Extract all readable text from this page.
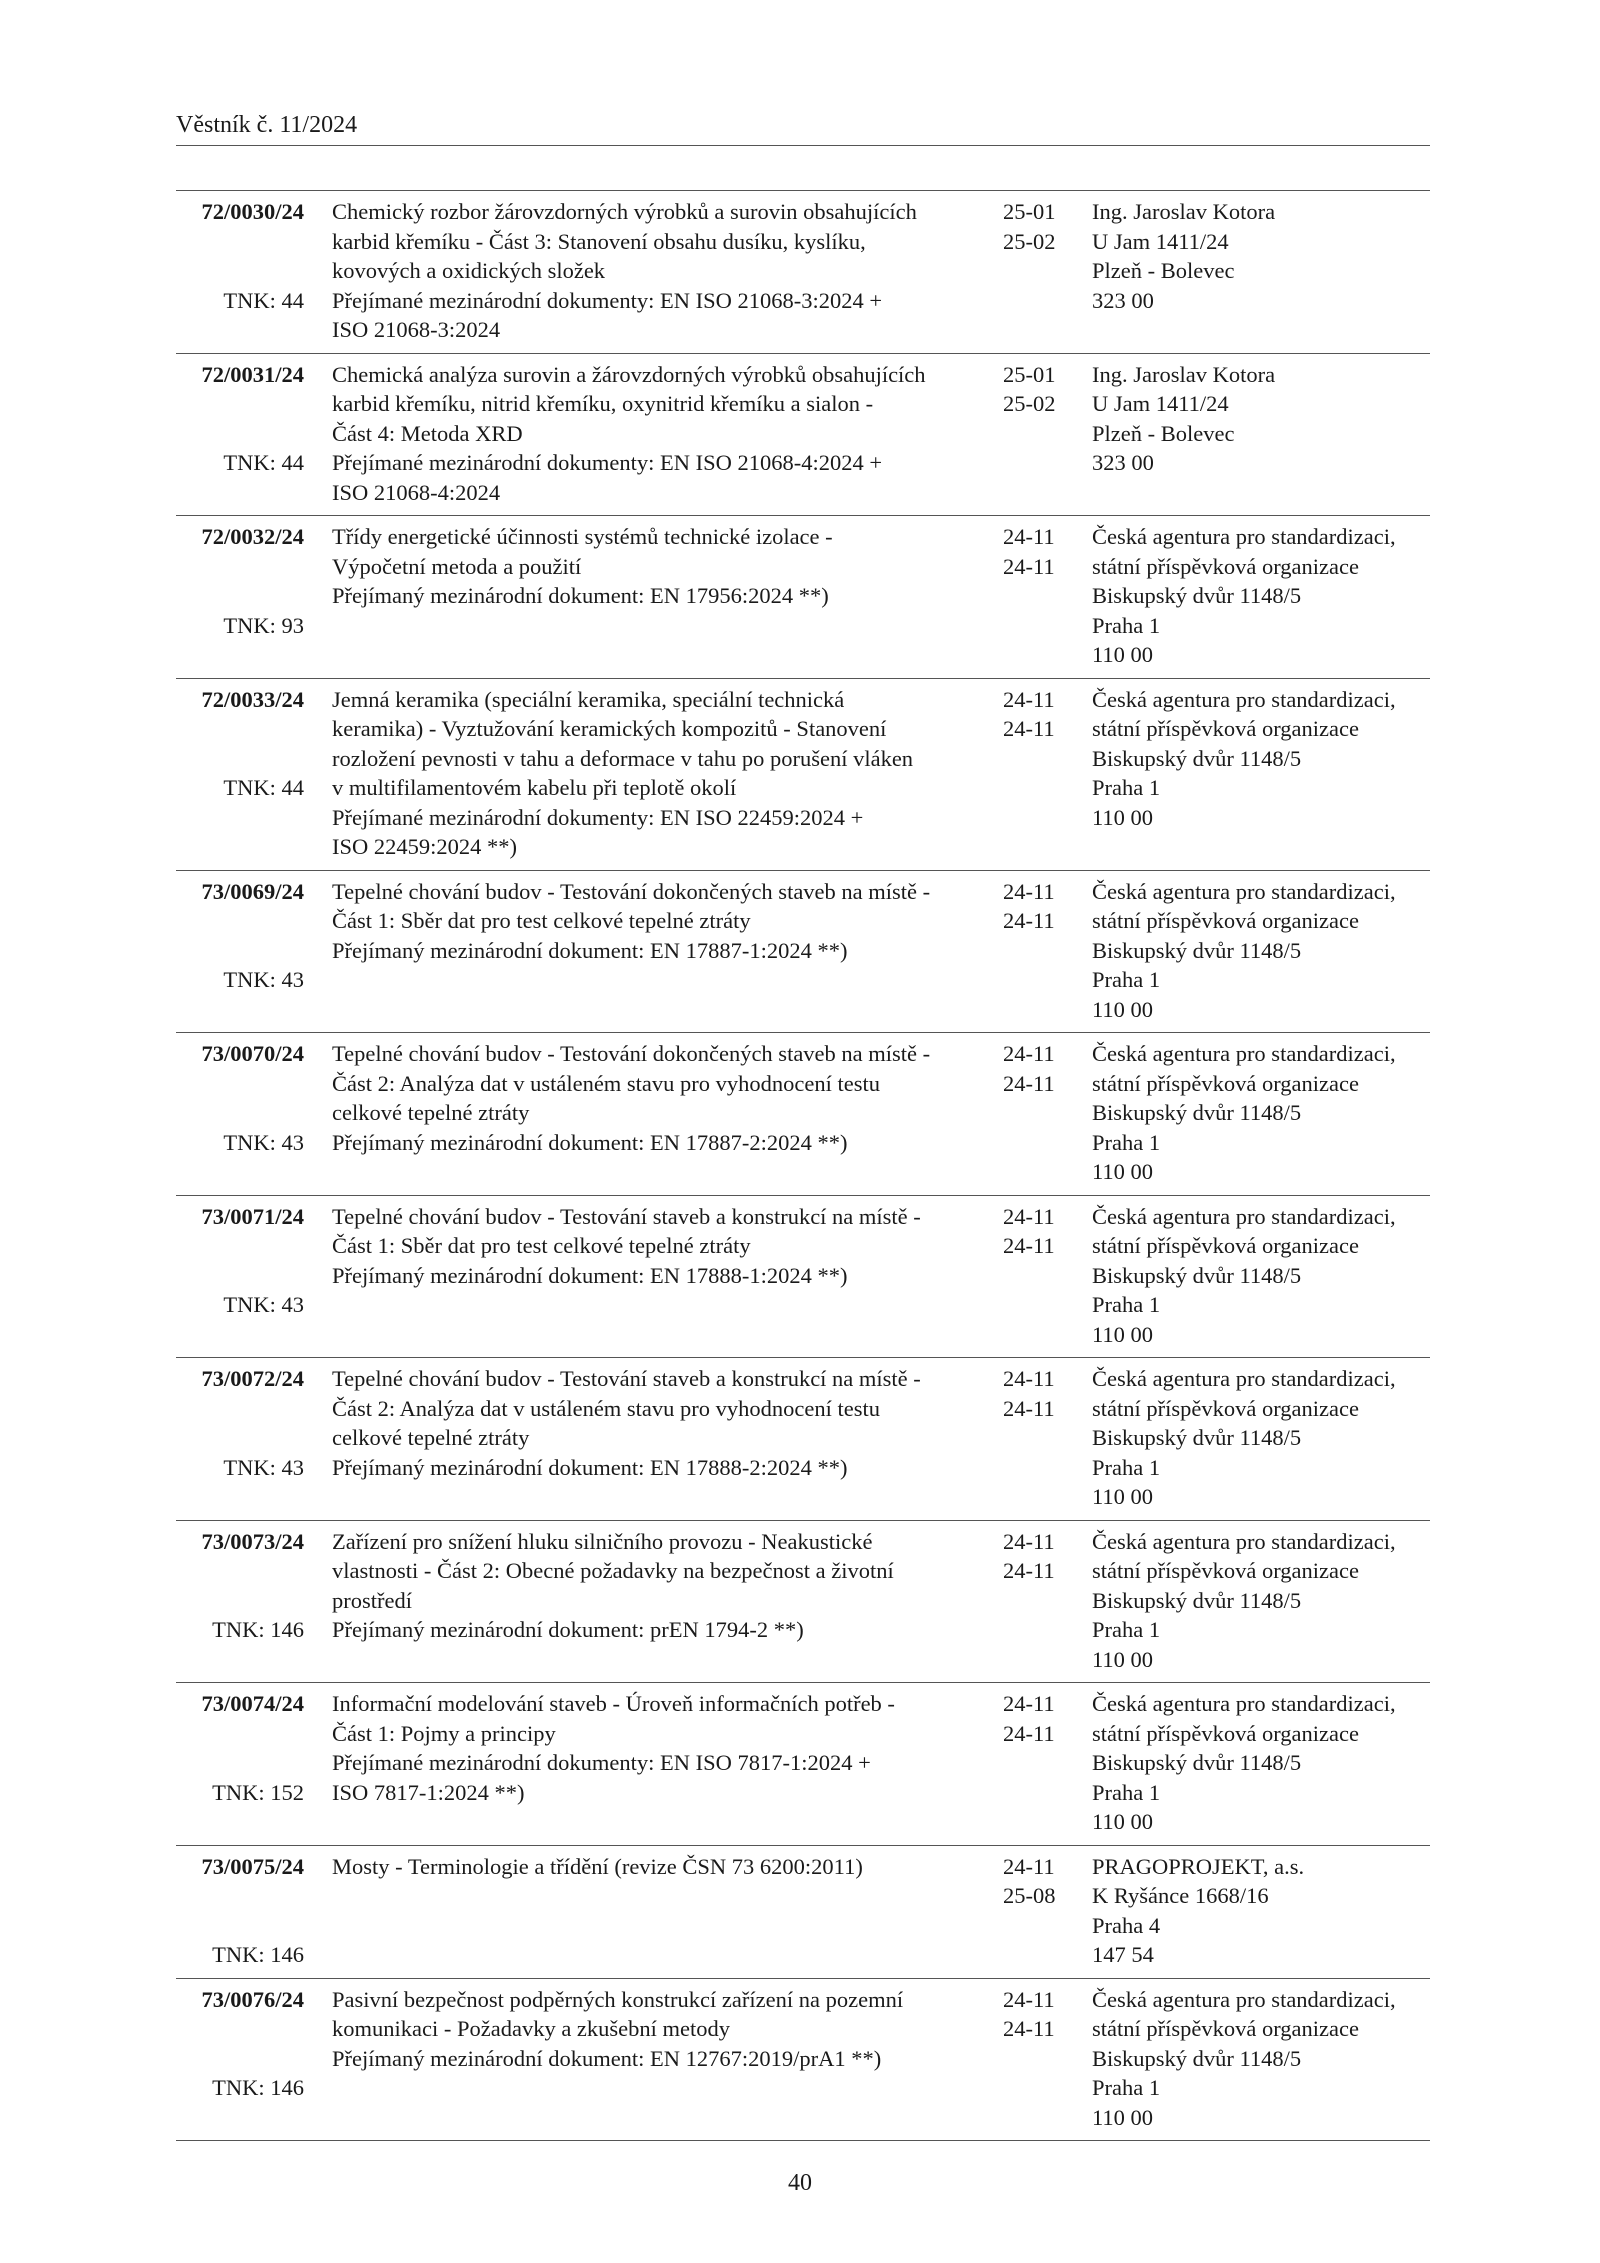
Věstník č. 11/2024
72/0030/24
TNK: 44
Chemický rozbor žárovzdorných výrobků a surovin obsahujících
karbid křemíku - Část 3: Stanovení obsahu dusíku, kyslíku,
kovových a oxidických složek
Přejímané mezinárodní dokumenty: EN ISO 21068-3:2024 +
ISO 21068-3:2024
25-01
25-02
Ing. Jaroslav Kotora
U Jam 1411/24
Plzeň - Bolevec
323 00
72/0031/24
TNK: 44
Chemická analýza surovin a žárovzdorných výrobků obsahujících
karbid křemíku, nitrid křemíku, oxynitrid křemíku a sialon -
Část 4: Metoda XRD
Přejímané mezinárodní dokumenty: EN ISO 21068-4:2024 +
ISO 21068-4:2024
25-01
25-02
Ing. Jaroslav Kotora
U Jam 1411/24
Plzeň - Bolevec
323 00
72/0032/24
TNK: 93
Třídy energetické účinnosti systémů technické izolace -
Výpočetní metoda a použití
Přejímaný mezinárodní dokument: EN 17956:2024 **)
24-11
24-11
Česká agentura pro standardizaci,
státní příspěvková organizace
Biskupský dvůr 1148/5
Praha 1
110 00
72/0033/24
TNK: 44
Jemná keramika (speciální keramika, speciální technická
keramika) - Vyztužování keramických kompozitů - Stanovení
rozložení pevnosti v tahu a deformace v tahu po porušení vláken
v multifilamentovém kabelu při teplotě okolí
Přejímané mezinárodní dokumenty: EN ISO 22459:2024 +
ISO 22459:2024 **)
24-11
24-11
Česká agentura pro standardizaci,
státní příspěvková organizace
Biskupský dvůr 1148/5
Praha 1
110 00
73/0069/24
TNK: 43
Tepelné chování budov - Testování dokončených staveb na místě -
Část 1: Sběr dat pro test celkové tepelné ztráty
Přejímaný mezinárodní dokument: EN 17887-1:2024 **)
24-11
24-11
Česká agentura pro standardizaci,
státní příspěvková organizace
Biskupský dvůr 1148/5
Praha 1
110 00
73/0070/24
TNK: 43
Tepelné chování budov - Testování dokončených staveb na místě -
Část 2: Analýza dat v ustáleném stavu pro vyhodnocení testu
celkové tepelné ztráty
Přejímaný mezinárodní dokument: EN 17887-2:2024 **)
24-11
24-11
Česká agentura pro standardizaci,
státní příspěvková organizace
Biskupský dvůr 1148/5
Praha 1
110 00
73/0071/24
TNK: 43
Tepelné chování budov - Testování staveb a konstrukcí na místě -
Část 1: Sběr dat pro test celkové tepelné ztráty
Přejímaný mezinárodní dokument: EN 17888-1:2024 **)
24-11
24-11
Česká agentura pro standardizaci,
státní příspěvková organizace
Biskupský dvůr 1148/5
Praha 1
110 00
73/0072/24
TNK: 43
Tepelné chování budov - Testování staveb a konstrukcí na místě -
Část 2: Analýza dat v ustáleném stavu pro vyhodnocení testu
celkové tepelné ztráty
Přejímaný mezinárodní dokument: EN 17888-2:2024 **)
24-11
24-11
Česká agentura pro standardizaci,
státní příspěvková organizace
Biskupský dvůr 1148/5
Praha 1
110 00
73/0073/24
TNK: 146
Zařízení pro snížení hluku silničního provozu - Neakustické
vlastnosti - Část 2: Obecné požadavky na bezpečnost a životní
prostředí
Přejímaný mezinárodní dokument: prEN 1794-2 **)
24-11
24-11
Česká agentura pro standardizaci,
státní příspěvková organizace
Biskupský dvůr 1148/5
Praha 1
110 00
73/0074/24
TNK: 152
Informační modelování staveb - Úroveň informačních potřeb -
Část 1: Pojmy a principy
Přejímané mezinárodní dokumenty: EN ISO 7817-1:2024 +
ISO 7817-1:2024 **)
24-11
24-11
Česká agentura pro standardizaci,
státní příspěvková organizace
Biskupský dvůr 1148/5
Praha 1
110 00
73/0075/24
TNK: 146
Mosty - Terminologie a třídění (revize ČSN 73 6200:2011)	24-11
25-08
PRAGOPROJEKT, a.s.
K Ryšánce 1668/16
Praha 4
147 54
73/0076/24
TNK: 146
Pasivní bezpečnost podpěrných konstrukcí zařízení na pozemní
komunikaci - Požadavky a zkušební metody
Přejímaný mezinárodní dokument: EN 12767:2019/prA1 **)
24-11
24-11
Česká agentura pro standardizaci,
státní příspěvková organizace
Biskupský dvůr 1148/5
Praha 1
110 00
40
